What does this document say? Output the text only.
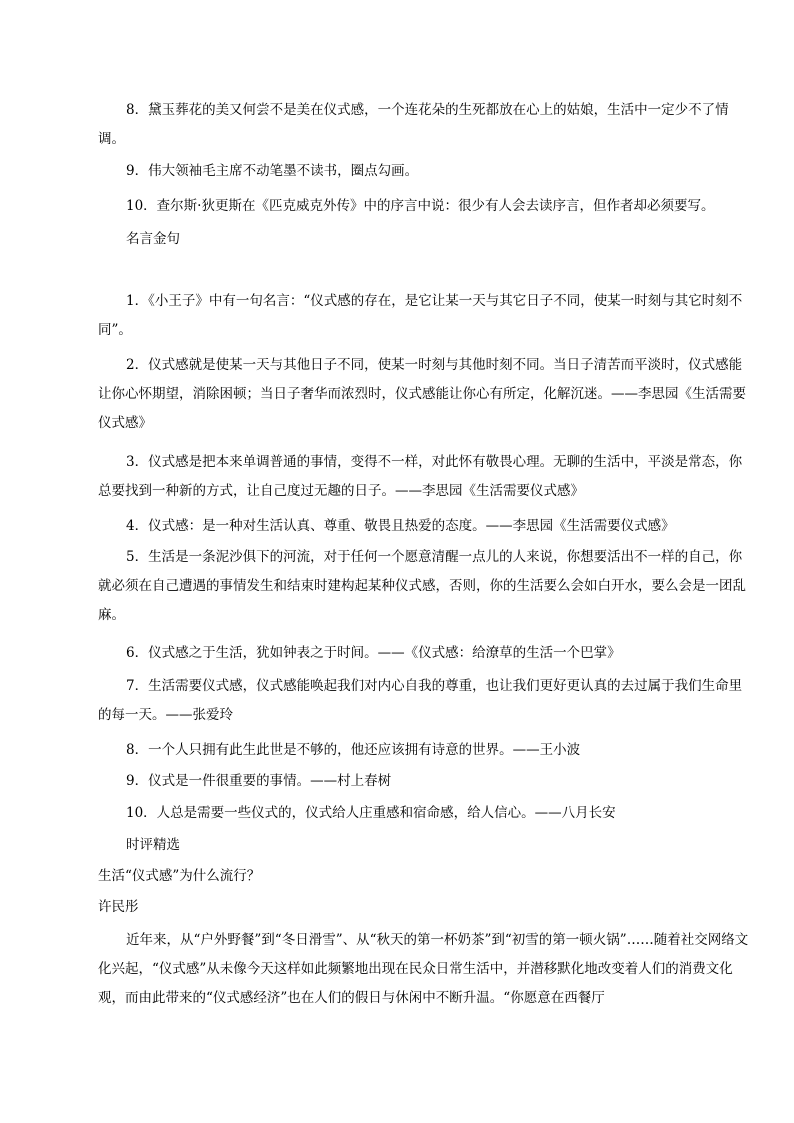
8．黛玉葬花的美又何尝不是美在仪式感，一个连花朵的生死都放在心上的姑娘，生活中一定少不了情调。
9．伟大领袖毛主席不动笔墨不读书，圈点勾画。
10．查尔斯·狄更斯在《匹克威克外传》中的序言中说：很少有人会去读序言，但作者却必须要写。
名言金句
1．《小王子》中有一句名言：“仪式感的存在，是它让某一天与其它日子不同，使某一时刻与其它时刻不同”。
2．仪式感就是使某一天与其他日子不同，使某一时刻与其他时刻不同。当日子清苦而平淡时，仪式感能让你心怀期望，消除困顿；当日子奢华而浓烈时，仪式感能让你心有所定，化解沉迷。——李思园《生活需要仪式感》
3．仪式感是把本来单调普通的事情，变得不一样，对此怀有敬畏心理。无聊的生活中，平淡是常态，你总要找到一种新的方式，让自己度过无趣的日子。——李思园《生活需要仪式感》
4．仪式感：是一种对生活认真、尊重、敬畏且热爱的态度。——李思园《生活需要仪式感》
5．生活是一条泥沙俱下的河流，对于任何一个愿意清醒一点儿的人来说，你想要活出不一样的自己，你就必须在自己遭遇的事情发生和结束时建构起某种仪式感，否则，你的生活要么会如白开水，要么会是一团乱麻。
6．仪式感之于生活，犹如钟表之于时间。——《仪式感：给潦草的生活一个巴掌》
7．生活需要仪式感，仪式感能唤起我们对内心自我的尊重，也让我们更好更认真的去过属于我们生命里的每一天。——张爱玲
8．一个人只拥有此生此世是不够的，他还应该拥有诗意的世界。——王小波
9．仪式是一件很重要的事情。——村上春树
10．人总是需要一些仪式的，仪式给人庄重感和宿命感，给人信心。——八月长安
时评精选
生活“仪式感”为什么流行？
许民彤
近年来，从“户外野餐”到“冬日滑雪”、从“秋天的第一杯奶茶”到“初雪的第一顿火锅”……随着社交网络文化兴起，“仪式感”从未像今天这样如此频繁地出现在民众日常生活中，并潜移默化地改变着人们的消费文化观，而由此带来的“仪式感经济”也在人们的假日与休闲中不断升温。“你愿意在西餐厅
